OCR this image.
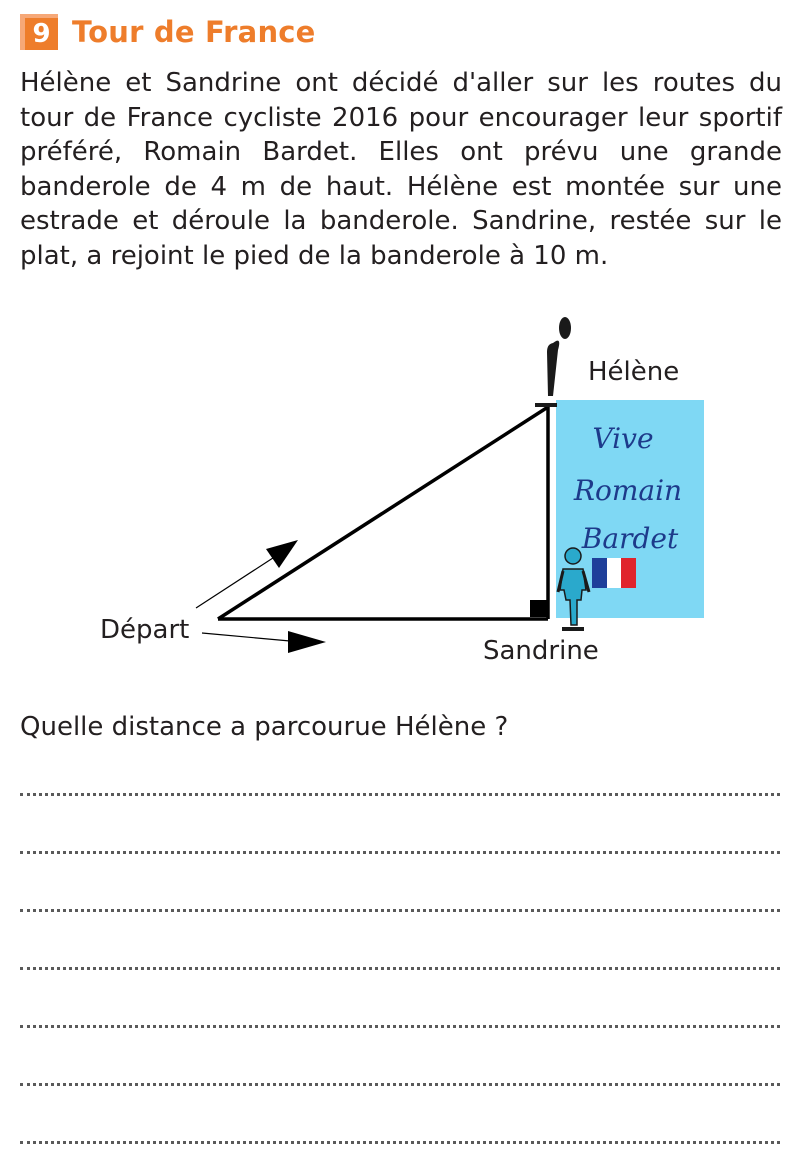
9 Tour de France

Hélène et Sandrine ont décidé d'aller sur les routes du tour de France cycliste 2016 pour encourager leur sportif préféré, Romain Bardet. Elles ont prévu une grande banderole de 4 m de haut. Hélène est montée sur une estrade et déroule la banderole. Sandrine, restée sur le plat, a rejoint le pied de la banderole à 10 m.

Vive
Romain
Bardet
Hélène
Sandrine
Départ

Quelle distance a parcourue Hélène ?
